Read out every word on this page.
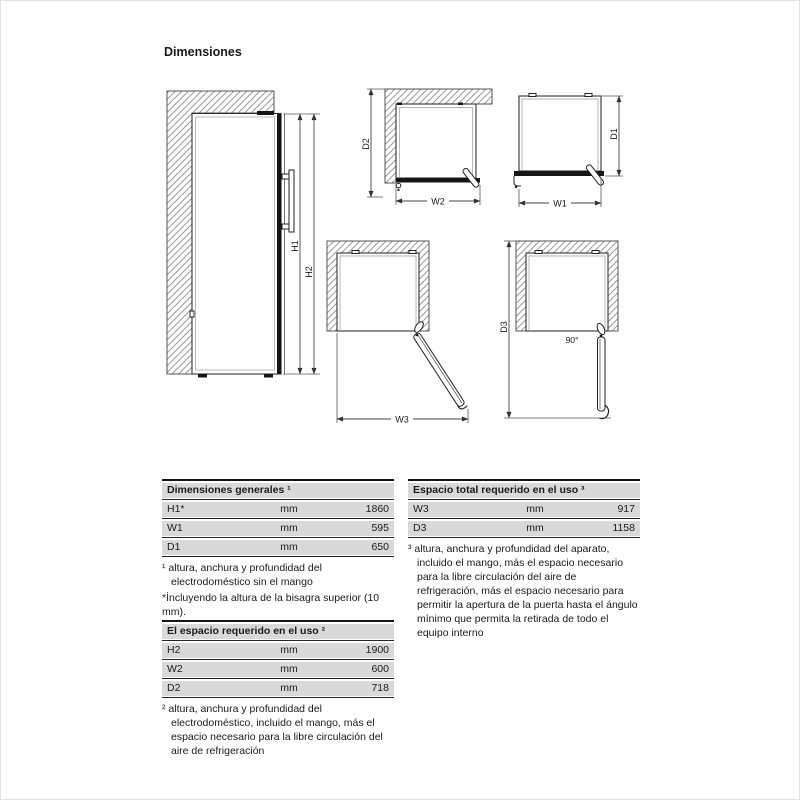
Dimensiones
H1
H2
D2
W2
D1
W1
W3
90°
D3
Dimensiones generales ¹
H1*	mm	1860
W1	mm	595
D1	mm	650
¹ altura, anchura y profundidad del electrodoméstico sin el mango
*İncluyendo la altura de la bisagra superior (10 mm).
El espacio requerido en el uso ²
H2	mm	1900
W2	mm	600
D2	mm	718
² altura, anchura y profundidad del electrodoméstico, incluido el mango, más el espacio necesario para la libre circulación del aire de refrigeración
Espacio total requerido en el uso ³
W3	mm	917
D3	mm	1158
³ altura, anchura y profundidad del aparato, incluido el mango, más el espacio necesario para la libre circulación del aire de refrigeración, más el espacio necesario para permitir la apertura de la puerta hasta el ángulo mínimo que permita la retirada de todo el equipo interno
